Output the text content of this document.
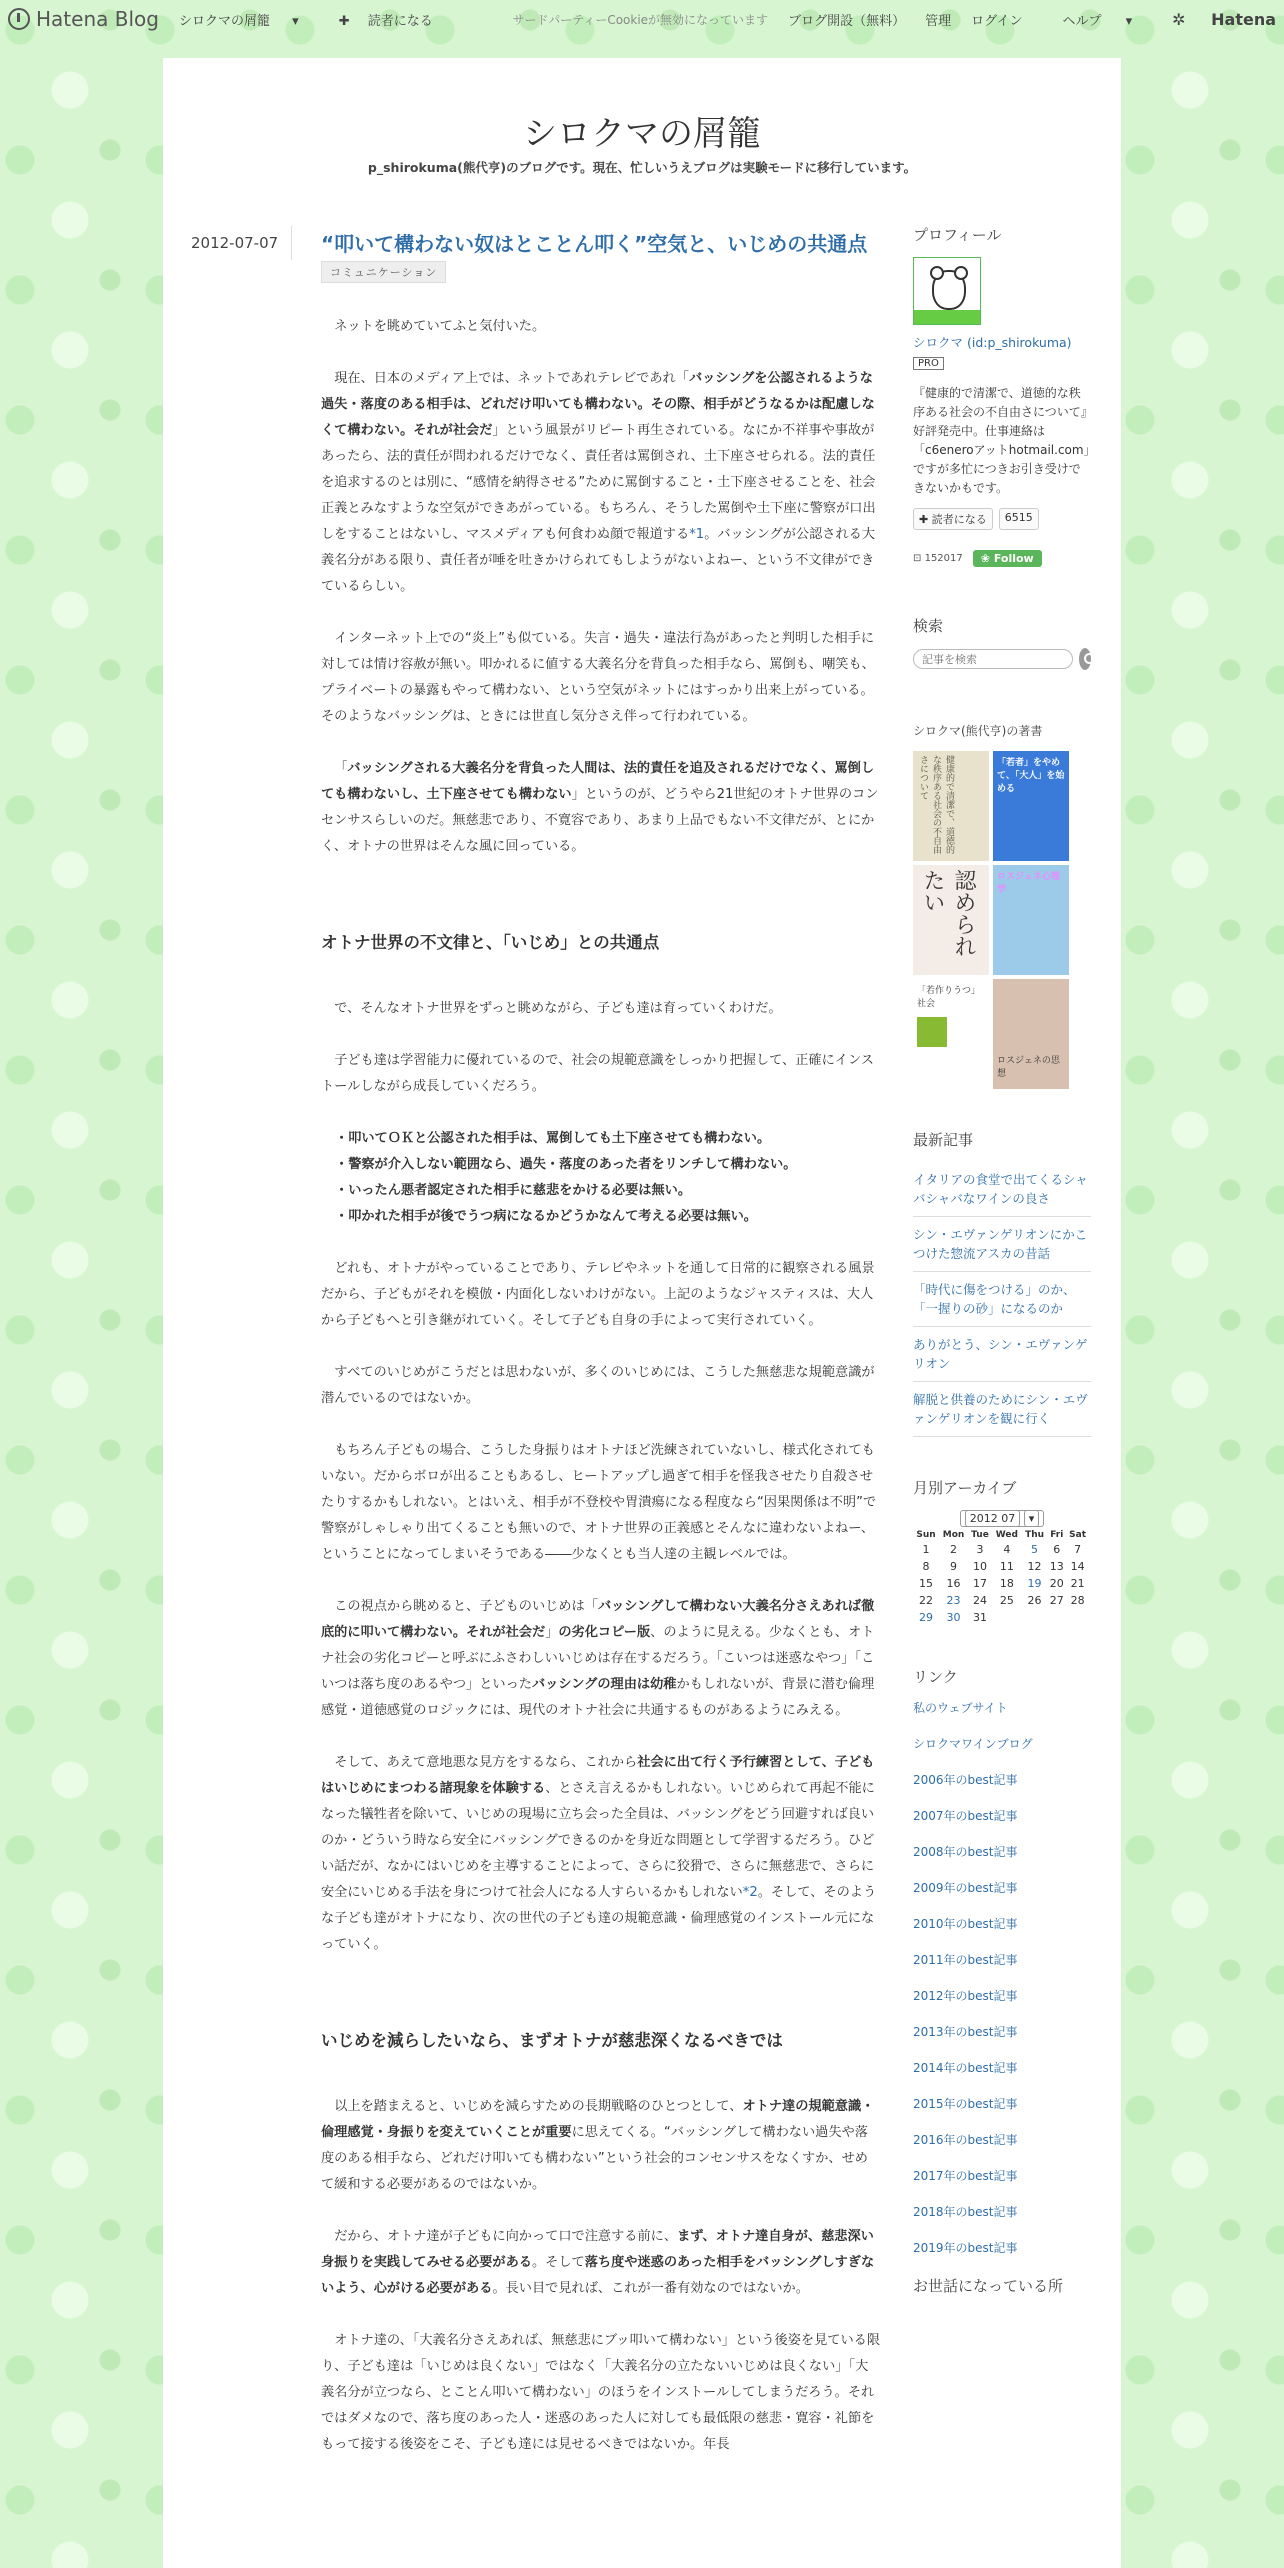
Hatena Blog シロクマの屑籠 ▾	✚ 読者になる	サードパーティーCookieが無効になっています ブログ開設（無料） 管理 ログイン	ヘルプ ▾	✲ Hatena
シロクマの屑籠
p_shirokuma(熊代亨)のブログです。現在、忙しいうえブログは実験モードに移行しています。
2012-07-07 “叩いて構わない奴はとことん叩く”空気と、いじめの共通点
コミュニケーション

ネットを眺めていてふと気付いた。

現在、日本のメディア上では、ネットであれテレビであれ「バッシングを公認されるような過失・落度のある相手は、どれだけ叩いても構わない。その際、相手がどうなるかは配慮しなくて構わない。それが社会だ」という風景がリピート再生されている。なにか不祥事や事故があったら、法的責任が問われるだけでなく、責任者は罵倒され、土下座させられる。法的責任を追求するのとは別に、“感情を納得させる”ために罵倒すること・土下座させることを、社会正義とみなすような空気ができあがっている。もちろん、そうした罵倒や土下座に警察が口出しをすることはないし、マスメディアも何食わぬ顔で報道する*1。バッシングが公認される大義名分がある限り、責任者が唾を吐きかけられてもしようがないよねー、という不文律ができているらしい。

インターネット上での“炎上”も似ている。失言・過失・違法行為があったと判明した相手に対しては情け容赦が無い。叩かれるに値する大義名分を背負った相手なら、罵倒も、嘲笑も、プライベートの暴露もやって構わない、という空気がネットにはすっかり出来上がっている。そのようなバッシングは、ときには世直し気分さえ伴って行われている。

「バッシングされる大義名分を背負った人間は、法的責任を追及されるだけでなく、罵倒しても構わないし、土下座させても構わない」というのが、どうやら21世紀のオトナ世界のコンセンサスらしいのだ。無慈悲であり、不寛容であり、あまり上品でもない不文律だが、とにかく、オトナの世界はそんな風に回っている。

オトナ世界の不文律と、「いじめ」との共通点

で、そんなオトナ世界をずっと眺めながら、子ども達は育っていくわけだ。

子ども達は学習能力に優れているので、社会の規範意識をしっかり把握して、正確にインストールしながら成長していくだろう。

・ 叩いてＯＫと公認された相手は、罵倒しても土下座させても構わない。
・ 警察が介入しない範囲なら、過失・落度のあった者をリンチして構わない。
・ いったん悪者認定された相手に慈悲をかける必要は無い。
・ 叩かれた相手が後でうつ病になるかどうかなんて考える必要は無い。

どれも、オトナがやっていることであり、テレビやネットを通して日常的に観察される風景だから、子どもがそれを模倣・内面化しないわけがない。上記のようなジャスティスは、大人から子どもへと引き継がれていく。そして子ども自身の手によって実行されていく。

すべてのいじめがこうだとは思わないが、多くのいじめには、こうした無慈悲な規範意識が潜んでいるのではないか。

もちろん子どもの場合、こうした身振りはオトナほど洗練されていないし、様式化されてもいない。だからボロが出ることもあるし、ヒートアップし過ぎて相手を怪我させたり自殺させたりするかもしれない。とはいえ、相手が不登校や胃潰瘍になる程度なら“因果関係は不明”で警察がしゃしゃり出てくることも無いので、オトナ世界の正義感とそんなに違わないよねー、ということになってしまいそうである――少なくとも当人達の主観レベルでは。

この視点から眺めると、子どものいじめは「バッシングして構わない大義名分さえあれば徹底的に叩いて構わない。それが社会だ」の劣化コピー版、のように見える。少なくとも、オトナ社会の劣化コピーと呼ぶにふさわしいいじめは存在するだろう。「こいつは迷惑なやつ」「こいつは落ち度のあるやつ」といったバッシングの理由は幼稚かもしれないが、背景に潜む倫理感覚・道徳感覚のロジックには、現代のオトナ社会に共通するものがあるようにみえる。

そして、あえて意地悪な見方をするなら、これから社会に出て行く予行練習として、子どもはいじめにまつわる諸現象を体験する、とさえ言えるかもしれない。いじめられて再起不能になった犠牲者を除いて、いじめの現場に立ち会った全員は、バッシングをどう回避すれば良いのか・どういう時なら安全にバッシングできるのかを身近な問題として学習するだろう。ひどい話だが、なかにはいじめを主導することによって、さらに狡猾で、さらに無慈悲で、さらに安全にいじめる手法を身につけて社会人になる人すらいるかもしれない*2。そして、そのような子ども達がオトナになり、次の世代の子ども達の規範意識・倫理感覚のインストール元になっていく。

いじめを減らしたいなら、まずオトナが慈悲深くなるべきでは

以上を踏まえると、いじめを減らすための長期戦略のひとつとして、オトナ達の規範意識・倫理感覚・身振りを変えていくことが重要に思えてくる。“バッシングして構わない過失や落度のある相手なら、どれだけ叩いても構わない”という社会的コンセンサスをなくすか、せめて緩和する必要があるのではないか。

だから、オトナ達が子どもに向かって口で注意する前に、まず、オトナ達自身が、慈悲深い身振りを実践してみせる必要がある。そして落ち度や迷惑のあった相手をバッシングしすぎないよう、心がける必要がある。長い目で見れば、これが一番有効なのではないか。

オトナ達の、「大義名分さえあれば、無慈悲にブッ叩いて構わない」という後姿を見ている限り、子ども達は「いじめは良くない」ではなく「大義名分の立たないいじめは良くない」「大義名分が立つなら、とことん叩いて構わない」のほうをインストールしてしまうだろう。それではダメなので、落ち度のあった人・迷惑のあった人に対しても最低限の慈悲・寛容・礼節をもって接する後姿をこそ、子ども達には見せるべきではないか。年長

プロフィール
シロクマ (id:p_shirokuma)
PRO
『健康的で清潔で、道徳的な秩序ある社会の不自由さについて』好評発売中。仕事連絡は「c6eneroアットhotmail.com」ですが多忙につきお引き受けできないかもです。
✚ 読者になる	6515
⊡ 152017	❀ Follow
検索
記事を検索
シロクマ(熊代亨)の著書
健康的で清潔で、道徳的な秩序ある社会の不自由さについて	「若者」をやめて、「大人」を始める
認められたい	ロスジェネ心理学
「若作りうつ」社会
ロスジェネの思想
最新記事
イタリアの食堂で出てくるシャバシャバなワインの良さ
シン・エヴァンゲリオンにかこつけた惣流アスカの昔話
「時代に傷をつける」のか、「一握りの砂」になるのか
ありがとう、シン・エヴァンゲリオン
解脱と供養のためにシン・エヴァンゲリオンを観に行く
月別アーカイブ
2012 07 ▾
Sun	Mon	Tue	Wed	Thu	Fri	Sat
1	2	3	4	5	6	7
8	9	10	11	12	13	14
15	16	17	18	19	20	21
22	23	24	25	26	27	28
29	30	31				
リンク
私のウェブサイト
シロクマワインブログ
2006年のbest記事
2007年のbest記事
2008年のbest記事
2009年のbest記事
2010年のbest記事
2011年のbest記事
2012年のbest記事
2013年のbest記事
2014年のbest記事
2015年のbest記事
2016年のbest記事
2017年のbest記事
2018年のbest記事
2019年のbest記事
お世話になっている所
